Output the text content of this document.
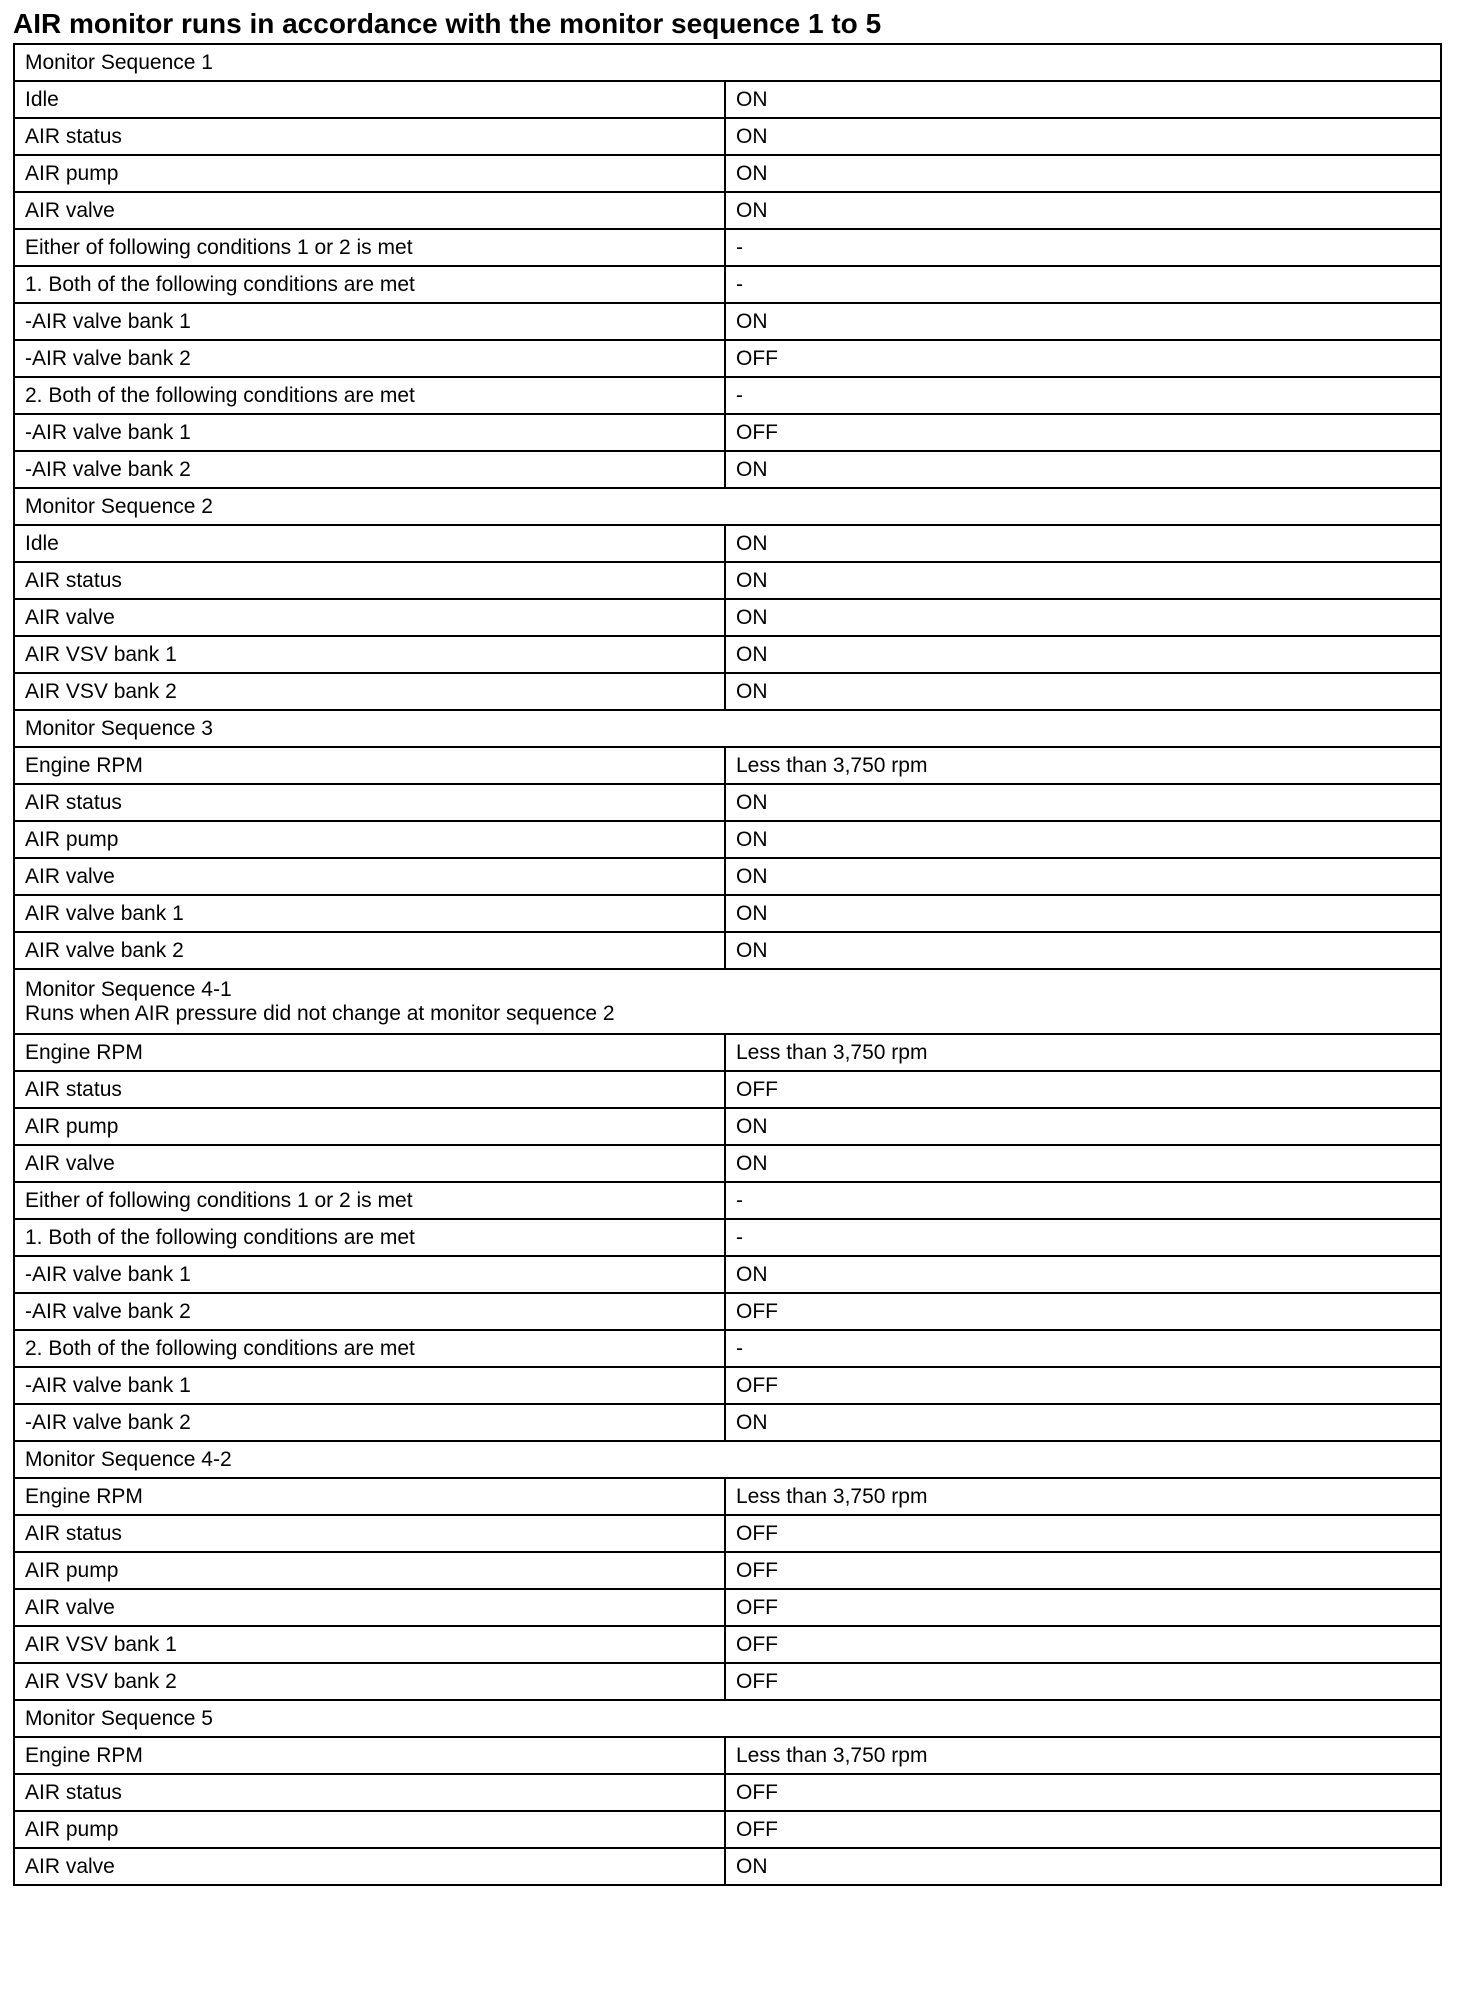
AIR monitor runs in accordance with the monitor sequence 1 to 5
Monitor Sequence 1	

Idle	ON
AIR status	ON
AIR pump	ON
AIR valve	ON
Either of following conditions 1 or 2 is met	-
1. Both of the following conditions are met	-
-AIR valve bank 1	ON
-AIR valve bank 2	OFF
2. Both of the following conditions are met	-
-AIR valve bank 1	OFF
-AIR valve bank 2	ON

Monitor Sequence 2	

Idle	ON
AIR status	ON
AIR valve	ON
AIR VSV bank 1	ON
AIR VSV bank 2	ON

Monitor Sequence 3	

Engine RPM	Less than 3,750 rpm
AIR status	ON
AIR pump	ON
AIR valve	ON
AIR valve bank 1	ON
AIR valve bank 2	ON

Monitor Sequence 4-1
Runs when AIR pressure did not change at monitor sequence 2	

Engine RPM	Less than 3,750 rpm
AIR status	OFF
AIR pump	ON
AIR valve	ON
Either of following conditions 1 or 2 is met	-
1. Both of the following conditions are met	-
-AIR valve bank 1	ON
-AIR valve bank 2	OFF
2. Both of the following conditions are met	-
-AIR valve bank 1	OFF
-AIR valve bank 2	ON

Monitor Sequence 4-2	

Engine RPM	Less than 3,750 rpm
AIR status	OFF
AIR pump	OFF
AIR valve	OFF
AIR VSV bank 1	OFF
AIR VSV bank 2	OFF

Monitor Sequence 5	

Engine RPM	Less than 3,750 rpm
AIR status	OFF
AIR pump	OFF
AIR valve	ON
